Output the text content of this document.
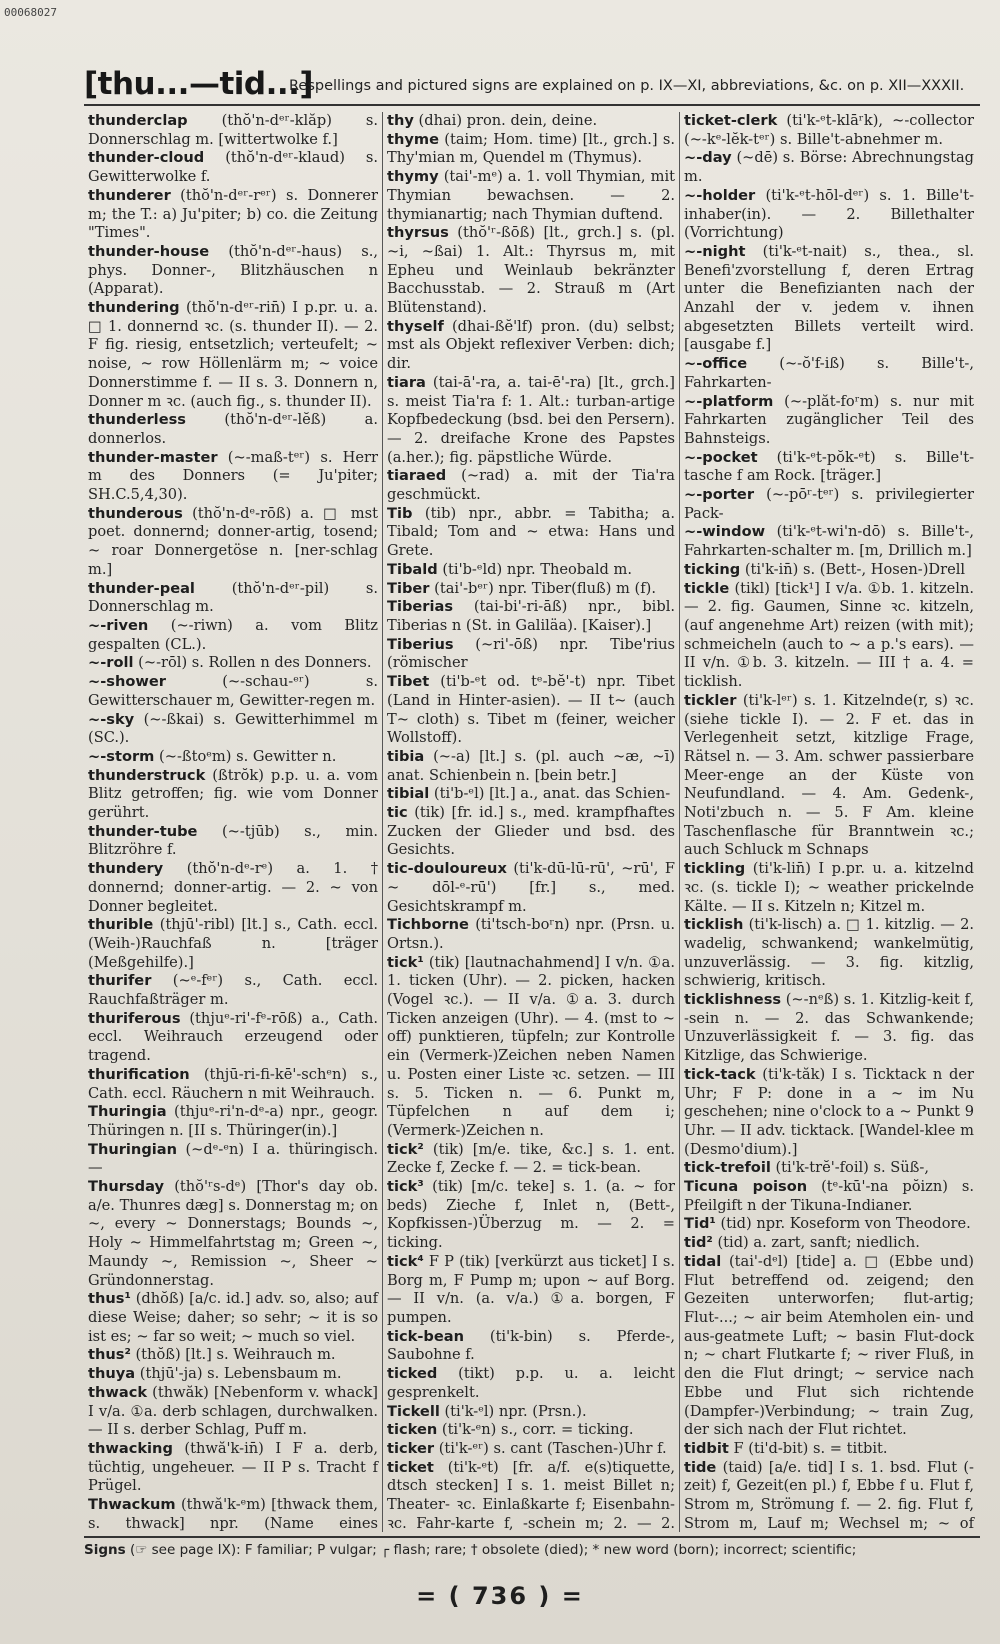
00068027
[thu...—tid...]
Respellings and pictured signs are explained on p. IX—XI, abbreviations, &c. on p. XII—XXXII.

thunderclap (thŏ'n-dᵉʳ-klăp) s. Donnerschlag m. [wittertwolke f.]

thunder-cloud (thŏ'n-dᵉʳ-klaud) s. Gewitterwolke f.

thunderer (thŏ'n-dᵉʳ-rᵉʳ) s. Donnerer m; the T.: a) Ju'piter; b) co. die Zeitung "Times".

thunder-house (thŏ'n-dᵉʳ-haus) s., phys. Donner-, Blitzhäuschen n (Apparat).

thundering (thŏ'n-dᵉʳ-rin̄) I p.pr. u. a. □ 1. donnernd ꝛc. (s. thunder II). — 2. F fig. riesig, entsetzlich; verteufelt; ~ noise, ~ row Höllenlärm m; ~ voice Donnerstimme f. — II s. 3. Donnern n, Donner m ꝛc. (auch fig., s. thunder II).

thunderless	(thŏ'n-dᵉʳ-lĕß) a. donnerlos.

thunder-master (~-maß-tᵉʳ) s. Herr m des Donners (= Ju'piter; SH.C.5,4,30).

thunderous (thŏ'n-dᵉ-rōß) a. □ mst poet. donnernd; donner-artig, tosend; ~ roar Donnergetöse n. [ner-schlag m.]

thunder-peal	(thŏ'n-dᵉʳ-pil) s. Donnerschlag m.

~-riven (~-riwn) a. vom Blitz gespalten (CL.).

~-roll (~-rōl) s. Rollen n des Donners.

~-shower	(~-schau-ᵉʳ) s. Gewitterschauer m, Gewitter-regen m.

~-sky (~-ßkai) s. Gewitterhimmel m (SC.).

~-storm (~-ßtoᵉm) s. Gewitter n.

thunderstruck (ßtrŏk) p.p. u. a. vom Blitz getroffen; fig. wie vom Donner gerührt.

thunder-tube (~-tjūb) s., min. Blitzröhre f.

thundery (thŏ'n-dᵉ-rᵉ) a. 1. † donnernd; donner-artig. — 2. ~ von Donner begleitet.

thurible (thjū'-ribl) [lt.] s., Cath. eccl. (Weih-)Rauchfaß n. [träger (Meßgehilfe).]

thurifer (~ᵉ-fᵉʳ) s., Cath. eccl. Rauchfaßträger m.

thuriferous (thjuᵉ-ri'-fᵉ-rōß) a., Cath. eccl. Weihrauch erzeugend oder tragend.

thurification (thjū-ri-fi-kē'-schᵉn) s., Cath. eccl. Räuchern n mit Weihrauch.

Thuringia (thjuᵉ-ri'n-dᵉ-a) npr., geogr. Thüringen n. [II s. Thüringer(in).]

Thuringian (~dᵉ-ᵉn) I a. thüringisch. —

Thursday (thŏ'ʳs-dᵉ) [Thor's day ob. a/e. Thunres dæg] s. Donnerstag m; on ~, every ~ Donnerstags; Bounds ~, Holy ~ Himmelfahrtstag m; Green ~, Maundy ~, Remission ~, Sheer ~ Gründonnerstag.

thus¹ (dhŏß) [a/c. id.] adv. so, also; auf diese Weise; daher; so sehr; ~ it is so ist es; ~ far so weit; ~ much so viel.

thus² (thŏß) [lt.] s. Weihrauch m.

thuya (thjū'-ja) s. Lebensbaum m.

thwack (thwăk) [Nebenform v. whack] I v/a. ①a. derb schlagen, durchwalken. — II s. derber Schlag, Puff m.

thwacking (thwă'k-in̄) I F a. derb, tüchtig, ungeheuer. — II P s. Tracht f Prügel.

Thwackum (thwă'k-ᵉm) [thwack them, s. thwack] npr. (Name eines

thy (dhai) pron. dein, deine.

thyme (taim; Hom. time) [lt., grch.] s. Thy'mian m, Quendel m (Thymus).

thymy (tai'-mᵉ) a. 1. voll Thymian, mit Thymian bewachsen. — 2. thymianartig; nach Thymian duftend.

thyrsus (thŏ'ʳ-ßōß) [lt., grch.] s. (pl. ~i, ~ßai) 1. Alt.: Thyrsus m, mit Epheu und Weinlaub bekränzter Bacchusstab. — 2. Strauß m (Art Blütenstand).

thyself (dhai-ßĕ'lf) pron. (du) selbst; mst als Objekt reflexiver Verben: dich; dir.

tiara (tai-ā'-ra, a. tai-ē'-ra) [lt., grch.] s. meist Tia'ra f: 1. Alt.: turban-artige Kopfbedeckung (bsd. bei den Persern). — 2. dreifache Krone des Papstes (a.her.); fig. päpstliche Würde.

tiaraed (~rad) a. mit der Tia'ra geschmückt.

Tib (tib) npr., abbr. = Tabitha; a. Tibald; Tom and ~ etwa: Hans und Grete.

Tibald (ti'b-ᵉld) npr. Theobald m.

Tiber (tai'-bᵉʳ) npr. Tiber(fluß) m (f).

Tiberias (tai-bi'-ri-āß) npr., bibl. Tiberias n (St. in Galiläa). [Kaiser).]

Tiberius (~ri'-ōß) npr. Tibe'rius (römischer

Tibet (ti'b-ᵉt od. tᵉ-bĕ'-t) npr. Tibet (Land in Hinter-asien). — II t~ (auch T~ cloth) s. Tibet m (feiner, weicher Wollstoff).

tibia (~-a) [lt.] s. (pl. auch ~æ, ~ī) anat. Schienbein n. [bein betr.]

tibial (ti'b-ᵉl) [lt.] a., anat. das Schien-

tic (tik) [fr. id.] s., med. krampfhaftes Zucken der Glieder und bsd. des Gesichts.

tic-douloureux (ti'k-dū-lū-rū', ~rū', F ~ dōl-ᵉ-rū') [fr.] s., med. Gesichtskrampf m.

Tichborne (ti'tsch-boʳn) npr. (Prsn. u. Ortsn.).

tick¹ (tik) [lautnachahmend] I v/n. ①a. 1. ticken (Uhr). — 2. picken, hacken (Vogel ꝛc.). — II v/a. ①a. 3. durch Ticken anzeigen (Uhr). — 4. (mst to ~ off) punktieren, tüpfeln; zur Kontrolle ein (Vermerk-)Zeichen neben Namen u. Posten einer Liste ꝛc. setzen. — III s. 5. Ticken n. — 6. Punkt m, Tüpfelchen n auf dem i; (Vermerk-)Zeichen n.

tick² (tik) [m/e. tike, &c.] s. 1. ent. Zecke f, Zecke f. — 2. = tick-bean.

tick³ (tik) [m/c. teke] s. 1. (a. ~ for beds) Zieche f, Inlet n, (Bett-, Kopfkissen-)Überzug m. — 2. = ticking.

tick⁴ F P (tik) [verkürzt aus ticket] I s. Borg m, F Pump m; upon ~ auf Borg. — II v/n. (a. v/a.) ①a. borgen, F pumpen.

tick-bean (ti'k-bin) s. Pferde-, Saubohne f.

ticked (tikt) p.p. u. a. leicht gesprenkelt.

Tickell (ti'k-ᵉl) npr. (Prsn.).

ticken (ti'k-ᵉn) s., corr. = ticking.

ticker (ti'k-ᵉʳ) s. cant (Taschen-)Uhr f.

ticket (ti'k-ᵉt) [fr. a/f. e(s)tiquette, dtsch stecken] I s. 1. meist Billet n; Theater- ꝛc. Einlaßkarte f; Eisenbahn- ꝛc. Fahr-karte f, -schein m; 2. — 2.

ticket-clerk (ti'k-ᵉt-klāʳk), ~-collector (~-kᵉ-lĕk-tᵉʳ) s. Bille't-abnehmer m.

~-day (~dē) s. Börse: Abrechnungstag m.

~-holder (ti'k-ᵉt-hōl-dᵉʳ) s. 1. Bille't-inhaber(in). — 2. Billethalter (Vorrichtung)

~-night (ti'k-ᵉt-nait) s., thea., sl. Benefi'zvorstellung f, deren Ertrag unter die Benefizianten nach der Anzahl der v. jedem v. ihnen abgesetzten Billets verteilt wird. [ausgabe f.]

~-office (~-ŏ'f-iß) s. Bille't-, Fahrkarten-

~-platform (~-plăt-foʳm) s. nur mit Fahrkarten zugänglicher Teil des Bahnsteigs.

~-pocket (ti'k-ᵉt-pŏk-ᵉt) s. Bille't-tasche f am Rock. [träger.]

~-porter (~-pōʳ-tᵉʳ) s. privilegierter Pack-

~-window (ti'k-ᵉt-wi'n-dō) s. Bille't-, Fahrkarten-schalter m. [m, Drillich m.]

ticking (ti'k-in̄) s. (Bett-, Hosen-)Drell

tickle (tikl) [tick¹] I v/a. ①b. 1. kitzeln. — 2. fig. Gaumen, Sinne ꝛc. kitzeln, (auf angenehme Art) reizen (with mit); schmeicheln (auch to ~ a p.'s ears). — II v/n. ①b. 3. kitzeln. — III † a. 4. = ticklish.

tickler (ti'k-lᵉʳ) s. 1. Kitzelnde(r, s) ꝛc. (siehe tickle I). — 2. F et. das in Verlegenheit setzt, kitzlige Frage, Rätsel n. — 3. Am. schwer passierbare Meer-enge an der Küste von Neufundland. — 4. Am. Gedenk-, Noti'zbuch n. — 5. F Am. kleine Taschenflasche für Branntwein ꝛc.; auch Schluck m Schnaps

tickling (ti'k-lin̄) I p.pr. u. a. kitzelnd ꝛc. (s. tickle I); ~ weather prickelnde Kälte. — II s. Kitzeln n; Kitzel m.

ticklish (ti'k-lisch) a. □ 1. kitzlig. — 2. wadelig, schwankend; wankelmütig, unzuverlässig. — 3. fig. kitzlig, schwierig, kritisch.

ticklishness (~-nᵉß) s. 1. Kitzlig-keit f, -sein n. — 2. das Schwankende; Unzuverlässigkeit f. — 3. fig. das Kitzlige, das Schwierige.

tick-tack (ti'k-tăk) I s. Ticktack n der Uhr; F P: done in a ~ im Nu geschehen; nine o'clock to a ~ Punkt 9 Uhr. — II adv. ticktack. [Wandel-klee m (Desmo'dium).]

tick-trefoil (ti'k-trĕ'-foil) s. Süß-,

Ticuna poison (tᵉ-kū'-na pŏizn) s. Pfeilgift n der Tikuna-Indianer.

Tid¹ (tid) npr. Koseform von Theodore.

tid² (tid) a. zart, sanft; niedlich.

tidal (tai'-dᵉl) [tide] a. □ (Ebbe und) Flut betreffend od. zeigend; den Gezeiten unterworfen; flut-artig; Flut-...; ~ air beim Atemholen ein- und aus-geatmete Luft; ~ basin Flut-dock n; ~ chart Flutkarte f; ~ river Fluß, in den die Flut dringt; ~ service nach Ebbe und Flut sich richtende (Dampfer-)Verbindung; ~ train Zug, der sich nach der Flut richtet.

tidbit F (ti'd-bit) s. = titbit.

tide (taid) [a/e. tid] I s. 1. bsd. Flut (-zeit) f, Gezeit(en pl.) f, Ebbe f u. Flut f, Strom m, Strömung f. — 2. fig. Flut f, Strom m, Lauf m; Wechsel m; ~ of

Signs (☞ see page IX): F familiar; P vulgar; ┌ flash; rare; † obsolete (died); * new word (born); incorrect; scientific;
= ( 736 ) =
